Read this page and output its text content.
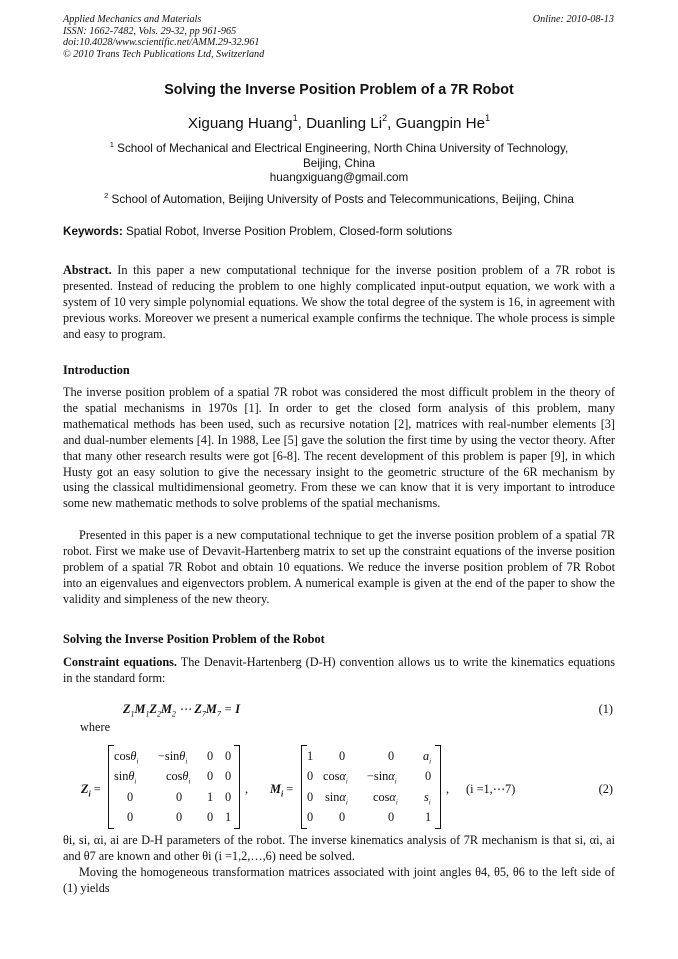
Applied Mechanics and Materials
ISSN: 1662-7482, Vols. 29-32, pp 961-965
doi:10.4028/www.scientific.net/AMM.29-32.961
© 2010 Trans Tech Publications Ltd, Switzerland
Online: 2010-08-13
Solving the Inverse Position Problem of a 7R Robot
Xiguang Huang$^1$, Duanling Li$^2$, Guangpin He$^1$
$^1$ School of Mechanical and Electrical Engineering, North China University of Technology,
Beijing, China
huangxiguang@gmail.com
$^2$ School of Automation, Beijing University of Posts and Telecommunications, Beijing, China
Keywords: Spatial Robot, Inverse Position Problem, Closed-form solutions
Abstract. In this paper a new computational technique for the inverse position problem of a 7R robot is presented. Instead of reducing the problem to one highly complicated input-output equation, we work with a system of 10 very simple polynomial equations. We show the total degree of the system is 16, in agreement with previous works. Moreover we present a numerical example confirms the technique. The whole process is simple and easy to program.
Introduction
The inverse position problem of a spatial 7R robot was considered the most difficult problem in the theory of the spatial mechanisms in 1970s [1]. In order to get the closed form analysis of this problem, many mathematical methods has been used, such as recursive notation [2], matrices with real-number elements [3] and dual-number elements [4]. In 1988, Lee [5] gave the solution the first time by using the vector theory. After that many other research results were got [6-8]. The recent development of this problem is paper [9], in which Husty got an easy solution to give the necessary insight to the geometric structure of the 6R mechanism by using the classical multidimensional geometry. From these we can know that it is very important to introduce some new mathematic methods to solve problems of the spatial mechanisms.
Presented in this paper is a new computational technique to get the inverse position problem of a spatial 7R robot. First we make use of Devavit-Hartenberg matrix to set up the constraint equations of the inverse position problem of a spatial 7R Robot and obtain 10 equations. We reduce the inverse position problem of 7R Robot into an eigenvalues and eigenvectors problem. A numerical example is given at the end of the paper to show the validity and simpleness of the new theory.
Solving the Inverse Position Problem of the Robot
Constraint equations. The Denavit-Hartenberg (D-H) convention allows us to write the kinematics equations in the standard form:
$Z_1M_1Z_2M_2$ ⋯ $Z_7M_7 = I$	(1)
where
$Z_i$ =
cosθ$_i$ −sinθ$_i$ 0 0
sinθ$_i$ cosθ$_i$ 0 0
0	0 1 0
0	0 0 1
, $M_i$ =
1 0	0 $a_i$
0 cosα$_i$ −sinα$_i$ 0
0 sinα$_i$ cosα$_i$ $s_i$
0 0	0	1
, (i =1,⋯7)	(2)
θi, si, αi, ai are D-H parameters of the robot. The inverse kinematics analysis of 7R mechanism is that si, αi, ai and θ7 are known and other θi (i =1,2,…,6) need be solved.
Moving the homogeneous transformation matrices associated with joint angles θ4, θ5, θ6 to the left side of (1) yields
